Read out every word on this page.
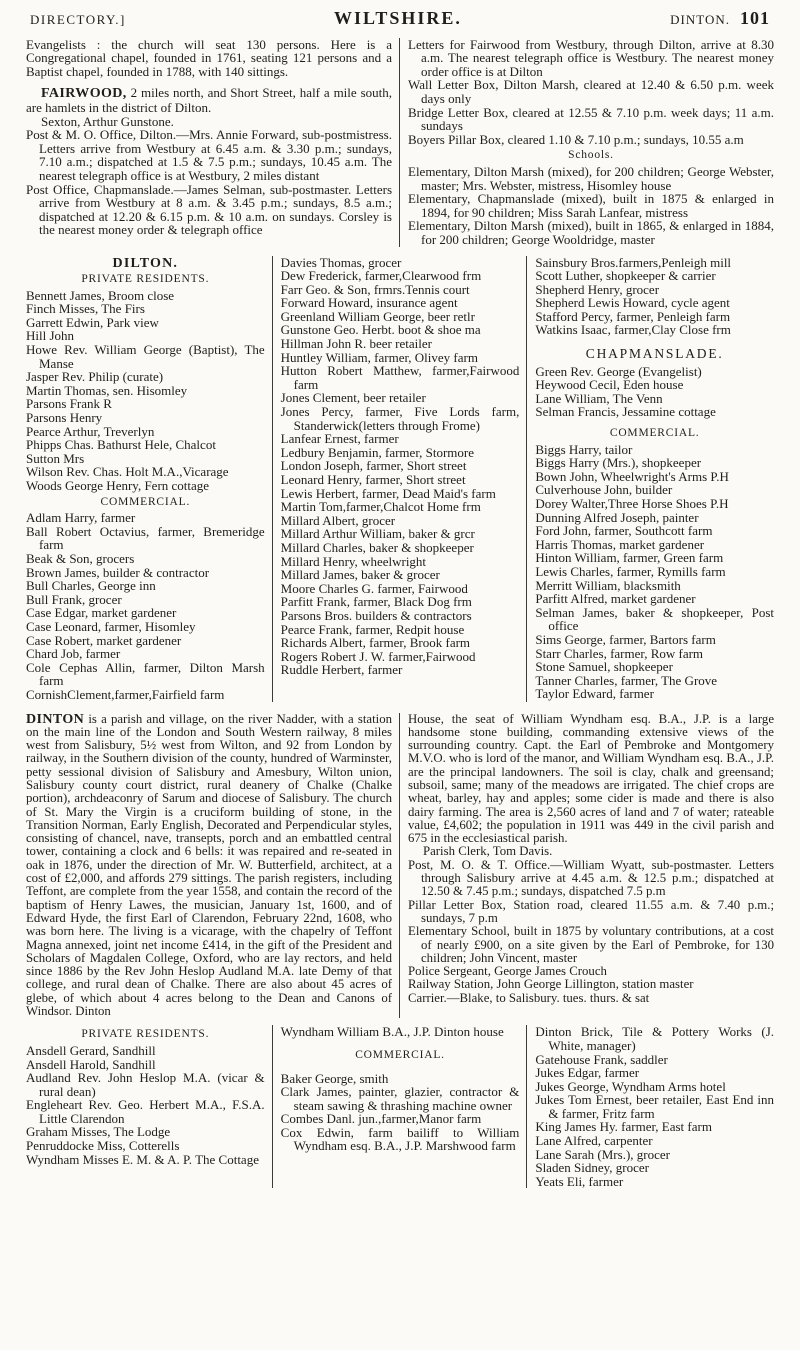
DIRECTORY.]	WILTSHIRE.	DINTON. 101
Evangelists : the church will seat 130 persons. Here is a Congregational chapel, founded in 1761, seating 121 persons and a Baptist chapel, founded in 1788, with 140 sittings.
FAIRWOOD, 2 miles north, and Short Street, half a mile south, are hamlets in the district of Dilton.
Sexton, Arthur Gunstone.
Post & M. O. Office, Dilton.—Mrs. Annie Forward, sub-postmistress. Letters arrive from Westbury at 6.45 a.m. & 3.30 p.m.; sundays, 7.10 a.m.; dispatched at 1.5 & 7.5 p.m.; sundays, 10.45 a.m. The nearest telegraph office is at Westbury, 2 miles distant
Post Office, Chapmanslade.—James Selman, sub-postmaster. Letters arrive from Westbury at 8 a.m. & 3.45 p.m.; sundays, 8.5 a.m.; dispatched at 12.20 & 6.15 p.m. & 10 a.m. on sundays. Corsley is the nearest money order & telegraph office
Letters for Fairwood from Westbury, through Dilton, arrive at 8.30 a.m. The nearest telegraph office is Westbury. The nearest money order office is at Dilton
Wall Letter Box, Dilton Marsh, cleared at 12.40 & 6.50 p.m. week days only
Bridge Letter Box, cleared at 12.55 & 7.10 p.m. week days; 11 a.m. sundays
Boyers Pillar Box, cleared 1.10 & 7.10 p.m.; sundays, 10.55 a.m
Schools.
Elementary, Dilton Marsh (mixed), for 200 children; George Webster, master; Mrs. Webster, mistress, Hisomley house
Elementary, Chapmanslade (mixed), built in 1875 & enlarged in 1894, for 90 children; Miss Sarah Lanfear, mistress
Elementary, Dilton Marsh (mixed), built in 1865, & enlarged in 1884, for 200 children; George Wooldridge, master
DILTON.
PRIVATE RESIDENTS.
Bennett James, Broom close
Finch Misses, The Firs
Garrett Edwin, Park view
Hill John
Howe Rev. William George (Baptist), The Manse
Jasper Rev. Philip (curate)
Martin Thomas, sen. Hisomley
Parsons Frank R
Parsons Henry
Pearce Arthur, Treverlyn
Phipps Chas. Bathurst Hele, Chalcot
Sutton Mrs
Wilson Rev. Chas. Holt M.A.,Vicarage
Woods George Henry, Fern cottage
COMMERCIAL.
Adlam Harry, farmer
Ball Robert Octavius, farmer, Bremeridge farm
Beak & Son, grocers
Brown James, builder & contractor
Bull Charles, George inn
Bull Frank, grocer
Case Edgar, market gardener
Case Leonard, farmer, Hisomley
Case Robert, market gardener
Chard Job, farmer
Cole Cephas Allin, farmer, Dilton Marsh farm
CornishClement,farmer,Fairfield farm
Davies Thomas, grocer
Dew Frederick, farmer,Clearwood frm
Farr Geo. & Son, frmrs.Tennis court
Forward Howard, insurance agent
Greenland William George, beer retlr
Gunstone Geo. Herbt. boot & shoe ma
Hillman John R. beer retailer
Huntley William, farmer, Olivey farm
Hutton Robert Matthew, farmer,Fairwood farm
Jones Clement, beer retailer
Jones Percy, farmer, Five Lords farm, Standerwick(letters through Frome)
Lanfear Ernest, farmer
Ledbury Benjamin, farmer, Stormore
London Joseph, farmer, Short street
Leonard Henry, farmer, Short street
Lewis Herbert, farmer, Dead Maid's farm
Martin Tom,farmer,Chalcot Home frm
Millard Albert, grocer
Millard Arthur William, baker & grcr
Millard Charles, baker & shopkeeper
Millard Henry, wheelwright
Millard James, baker & grocer
Moore Charles G. farmer, Fairwood
Parfitt Frank, farmer, Black Dog frm
Parsons Bros. builders & contractors
Pearce Frank, farmer, Redpit house
Richards Albert, farmer, Brook farm
Rogers Robert J. W. farmer,Fairwood
Ruddle Herbert, farmer
Sainsbury Bros.farmers,Penleigh mill
Scott Luther, shopkeeper & carrier
Shepherd Henry, grocer
Shepherd Lewis Howard, cycle agent
Stafford Percy, farmer, Penleigh farm
Watkins Isaac, farmer,Clay Close frm
CHAPMANSLADE.
Green Rev. George (Evangelist)
Heywood Cecil, Eden house
Lane William, The Venn
Selman Francis, Jessamine cottage
COMMERCIAL.
Biggs Harry, tailor
Biggs Harry (Mrs.), shopkeeper
Bown John, Wheelwright's Arms P.H
Culverhouse John, builder
Dorey Walter,Three Horse Shoes P.H
Dunning Alfred Joseph, painter
Ford John, farmer, Southcott farm
Harris Thomas, market gardener
Hinton William, farmer, Green farm
Lewis Charles, farmer, Rymills farm
Merritt William, blacksmith
Parfitt Alfred, market gardener
Selman James, baker & shopkeeper, Post office
Sims George, farmer, Bartors farm
Starr Charles, farmer, Row farm
Stone Samuel, shopkeeper
Tanner Charles, farmer, The Grove
Taylor Edward, farmer
DINTON is a parish and village, on the river Nadder, with a station on the main line of the London and South Western railway, 8 miles west from Salisbury, 5½ west from Wilton, and 92 from London by railway, in the Southern division of the county, hundred of Warminster, petty sessional division of Salisbury and Amesbury, Wilton union, Salisbury county court district, rural deanery of Chalke (Chalke portion), archdeaconry of Sarum and diocese of Salisbury. The church of St. Mary the Virgin is a cruciform building of stone, in the Transition Norman, Early English, Decorated and Perpendicular styles, consisting of chancel, nave, transepts, porch and an embattled central tower, containing a clock and 6 bells: it was repaired and re-seated in oak in 1876, under the direction of Mr. W. Butterfield, architect, at a cost of £2,000, and affords 279 sittings. The parish registers, including Teffont, are complete from the year 1558, and contain the record of the baptism of Henry Lawes, the musician, January 1st, 1600, and of Edward Hyde, the first Earl of Clarendon, February 22nd, 1608, who was born here. The living is a vicarage, with the chapelry of Teffont Magna annexed, joint net income £414, in the gift of the President and Scholars of Magdalen College, Oxford, who are lay rectors, and held since 1886 by the Rev John Heslop Audland M.A. late Demy of that college, and rural dean of Chalke. There are also about 45 acres of glebe, of which about 4 acres belong to the Dean and Canons of Windsor. Dinton
House, the seat of William Wyndham esq. B.A., J.P. is a large handsome stone building, commanding extensive views of the surrounding country. Capt. the Earl of Pembroke and Montgomery M.V.O. who is lord of the manor, and William Wyndham esq. B.A., J.P. are the principal landowners. The soil is clay, chalk and greensand; subsoil, same; many of the meadows are irrigated. The chief crops are wheat, barley, hay and apples; some cider is made and there is also dairy farming. The area is 2,560 acres of land and 7 of water; rateable value, £4,602; the population in 1911 was 449 in the civil parish and 675 in the ecclesiastical parish.
Parish Clerk, Tom Davis.
Post, M. O. & T. Office.—William Wyatt, sub-postmaster. Letters through Salisbury arrive at 4.45 a.m. & 12.5 p.m.; dispatched at 12.50 & 7.45 p.m.; sundays, dispatched 7.5 p.m
Pillar Letter Box, Station road, cleared 11.55 a.m. & 7.40 p.m.; sundays, 7 p.m
Elementary School, built in 1875 by voluntary contributions, at a cost of nearly £900, on a site given by the Earl of Pembroke, for 130 children; John Vincent, master
Police Sergeant, George James Crouch
Railway Station, John George Lillington, station master
Carrier.—Blake, to Salisbury. tues. thurs. & sat
PRIVATE RESIDENTS.
Ansdell Gerard, Sandhill
Ansdell Harold, Sandhill
Audland Rev. John Heslop M.A. (vicar & rural dean)
Engleheart Rev. Geo. Herbert M.A., F.S.A. Little Clarendon
Graham Misses, The Lodge
Penruddocke Miss, Cotterells
Wyndham Misses E. M. & A. P. The Cottage
Wyndham William B.A., J.P. Dinton house
COMMERCIAL.
Baker George, smith
Clark James, painter, glazier, contractor & steam sawing & thrashing machine owner
Combes Danl. jun.,farmer,Manor farm
Cox Edwin, farm bailiff to William Wyndham esq. B.A., J.P. Marshwood farm
Dinton Brick, Tile & Pottery Works (J. White, manager)
Gatehouse Frank, saddler
Jukes Edgar, farmer
Jukes George, Wyndham Arms hotel
Jukes Tom Ernest, beer retailer, East End inn & farmer, Fritz farm
King James Hy. farmer, East farm
Lane Alfred, carpenter
Lane Sarah (Mrs.), grocer
Sladen Sidney, grocer
Yeats Eli, farmer
